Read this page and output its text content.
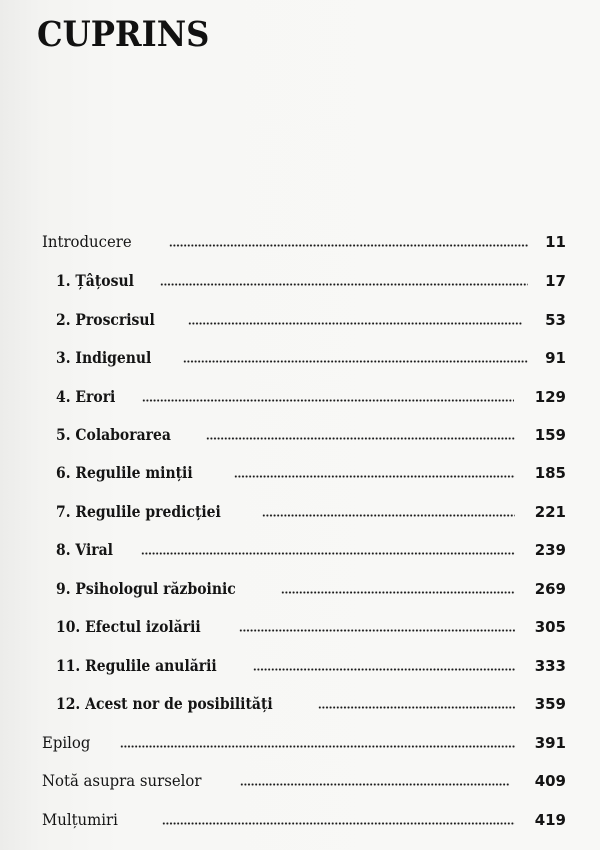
CUPRINS
Introducere	11
1. Țâțosul	17
2. Proscrisul	53
3. Indigenul	91
4. Erori	129
5. Colaborarea	159
6. Regulile minții	185
7. Regulile predicției	221
8. Viral	239
9. Psihologul războinic	269
10. Efectul izolării	305
11. Regulile anulării	333
12. Acest nor de posibilități	359
Epilog	391
Notă asupra surselor	409
Mulțumiri	419
